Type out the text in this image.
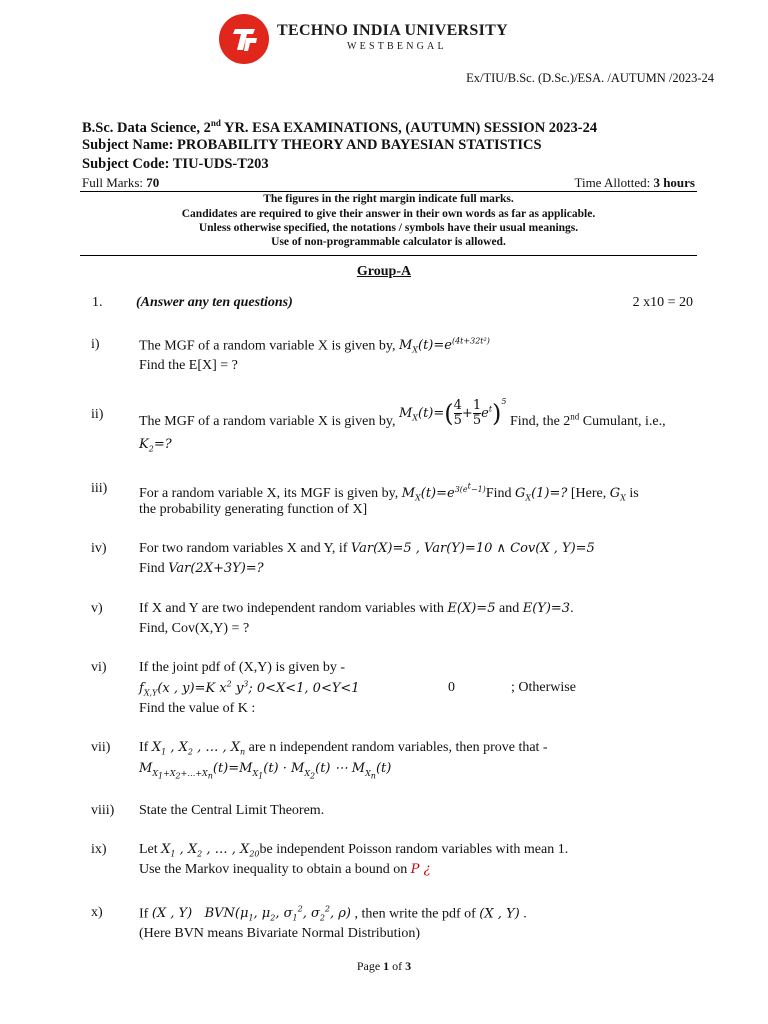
TECHNO INDIA UNIVERSITY
WESTBENGAL
Ex/TIU/B.Sc. (D.Sc.)/ESA. /AUTUMN /2023-24
B.Sc. Data Science, 2nd YR. ESA EXAMINATIONS, (AUTUMN) SESSION 2023-24
Subject Name: PROBABILITY THEORY AND BAYESIAN STATISTICS
Subject Code: TIU-UDS-T203
Full Marks: 70	Time Allotted: 3 hours
The figures in the right margin indicate full marks.
Candidates are required to give their answer in their own words as far as applicable.
Unless otherwise specified, the notations / symbols have their usual meanings.
Use of non-programmable calculator is allowed.
Group-A
1. (Answer any ten questions)	2 x10 = 20
i)	The MGF of a random variable X is given by, $M_X(t)=e^{(4t+32t^2)}$
Find the E[X] = ?
ii)	The MGF of a random variable X is given by, $M_X(t)=( \frac{4}{5} + \frac{1}{5} e^t)^5$ Find, the 2nd Cumulant, i.e.,
$K_2=$?
iii) For a random variable X, its MGF is given by, $M_X(t)=e^{3(e^t-1)}Find$ $G_X(1)=$? [Here, $G_X$ is
the probability generating function of X]
iv) For two random variables X and Y, if Var(X)=5 , Var(Y)=10 ∧ Cov(X , Y)=5
Find Var(2X+3Y)=?
v)	If X and Y are two independent random variables with E(X)=5 and E(Y)=3.
Find, Cov(X,Y) = ?
vi) If the joint pdf of (X,Y) is given by -
$f_{X,Y}(x$ , y)=K $x^2$ $y^3$; 0<X<1, 0<Y<1	0	; Otherwise
Find the value of K :
vii) If $X_1$ , $X_2$ , … , $X_n$ are n independent random variables, then prove that -
$M_{X_1+X_2+\dots+X_n}(t)=M_{X_1}(t) \cdot M_{X_2}(t)$ ⋯ $M_{X_n}(t)$
viii) State the Central Limit Theorem.
ix) Let $X_1$ , $X_2$ , … , $X_{20}be$ independent Poisson random variables with mean 1.
Use the Markov inequality to obtain a bound on P ¿
x)	If (X , Y)   $BVN(\mu_1$, $\mu_2$, $\sigma_1^2$, $\sigma_2^2$, ρ) , then write the pdf of (X , Y) .
(Here BVN means Bivariate Normal Distribution)
Page 1 of 3
